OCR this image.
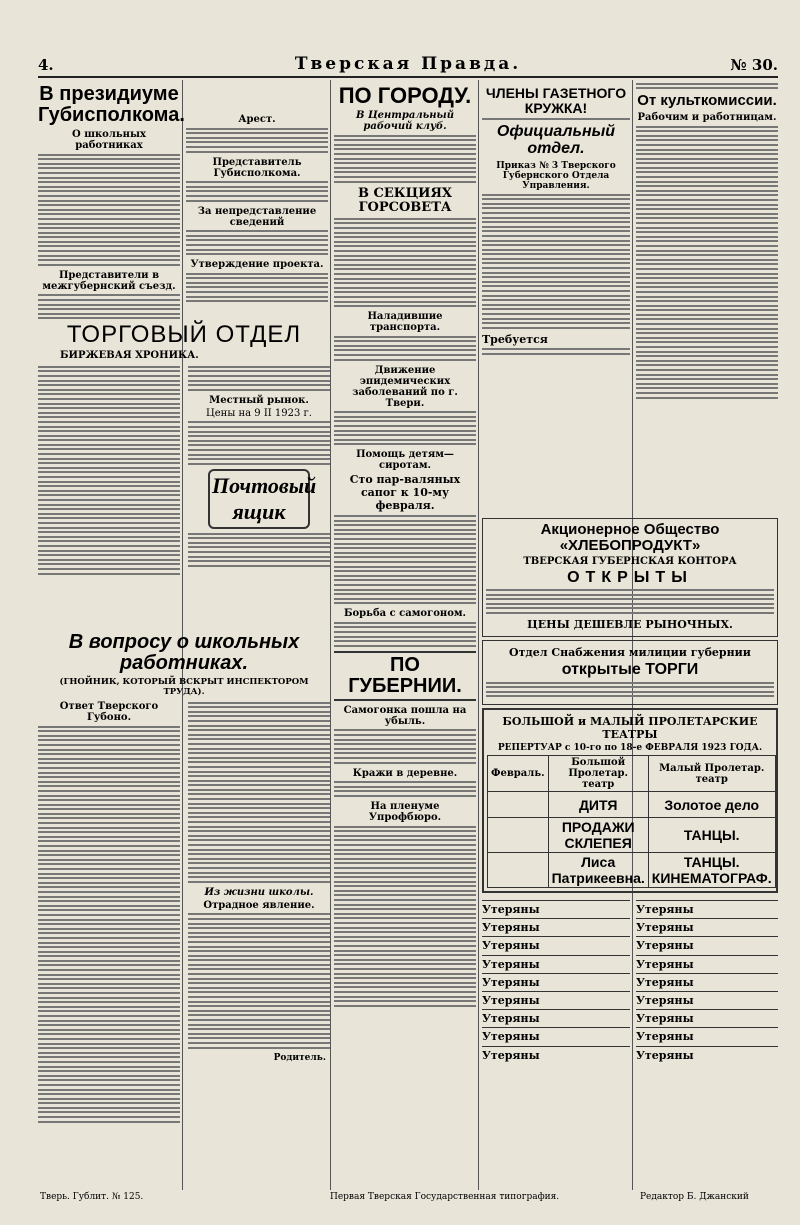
4.	Тверская Правда.	№ 30.
В президиуме Губисполкома.
О школьных работниках
Представители в межгубернский съезд.
Арест.
Представитель Губисполкома.
За непредставление сведений
Утверждение проекта.
ТОРГОВЫЙ ОТДЕЛ
БИРЖЕВАЯ ХРОНИКА.
Местный рынок.
Цены на 9 II 1923 г.
Почтовый ящик
В вопросу о школьных работниках.
(ГНОЙНИК, КОТОРЫЙ ВСКРЫТ ИНСПЕКТОРОМ ТРУДА).
Ответ Тверского Губоно.
Из жизни школы.
Отрадное явление.
Родитель.
ПО ГОРОДУ.
В Центральный рабочий клуб.
В СЕКЦИЯХ ГОРСОВЕТА
Наладившие транспорта.
Движение эпидемических заболеваний по г. Твери.
Помощь детям—сиротам.
Сто пар-валяных сапог к 10-му февраля.
Борьба с самогоном.
ПО ГУБЕРНИИ.
Самогонка пошла на убыль.
Кражи в деревне.
На пленуме Упрофбюро.
ЧЛЕНЫ ГАЗЕТНОГО КРУЖКА!
Официальный отдел.
Приказ № 3 Тверского Губернского Отдела Управления.
Требуется
От культкомиссии.
Рабочим и работницам.
Акционерное Общество «ХЛЕБОПРОДУКТ»
ТВЕРСКАЯ ГУБЕРНСКАЯ КОНТОРА
ОТКРЫТЫ
ЦЕНЫ ДЕШЕВЛЕ РЫНОЧНЫХ.
Отдел Снабжения милиции губернии
открытые ТОРГИ
БОЛЬШОЙ и МАЛЫЙ ПРОЛЕТАРСКИЕ ТЕАТРЫ
РЕПЕРТУАР с 10-го по 18-е ФЕВРАЛЯ 1923 ГОДА.
Февраль.	Большой Пролетар. театр	Малый Пролетар. театр
	ДИТЯ	Золотое дело
	ПРОДАЖИ СКЛЕПЕЯ	ТАНЦЫ.
	Лиса Патрикеевна.	ТАНЦЫ. КИНЕМАТОГРАФ.
Утеряны
Утеряны
Утеряны
Утеряны
Утеряны
Утеряны
Утеряны
Утеряны
Утеряны
Утеряны
Утеряны
Утеряны
Утеряны
Утеряны
Утеряны
Утеряны
Утеряны
Утеряны
Тверь. Гублит. № 125.	Первая Тверская Государственная типография.	Редактор Б. Джанский
